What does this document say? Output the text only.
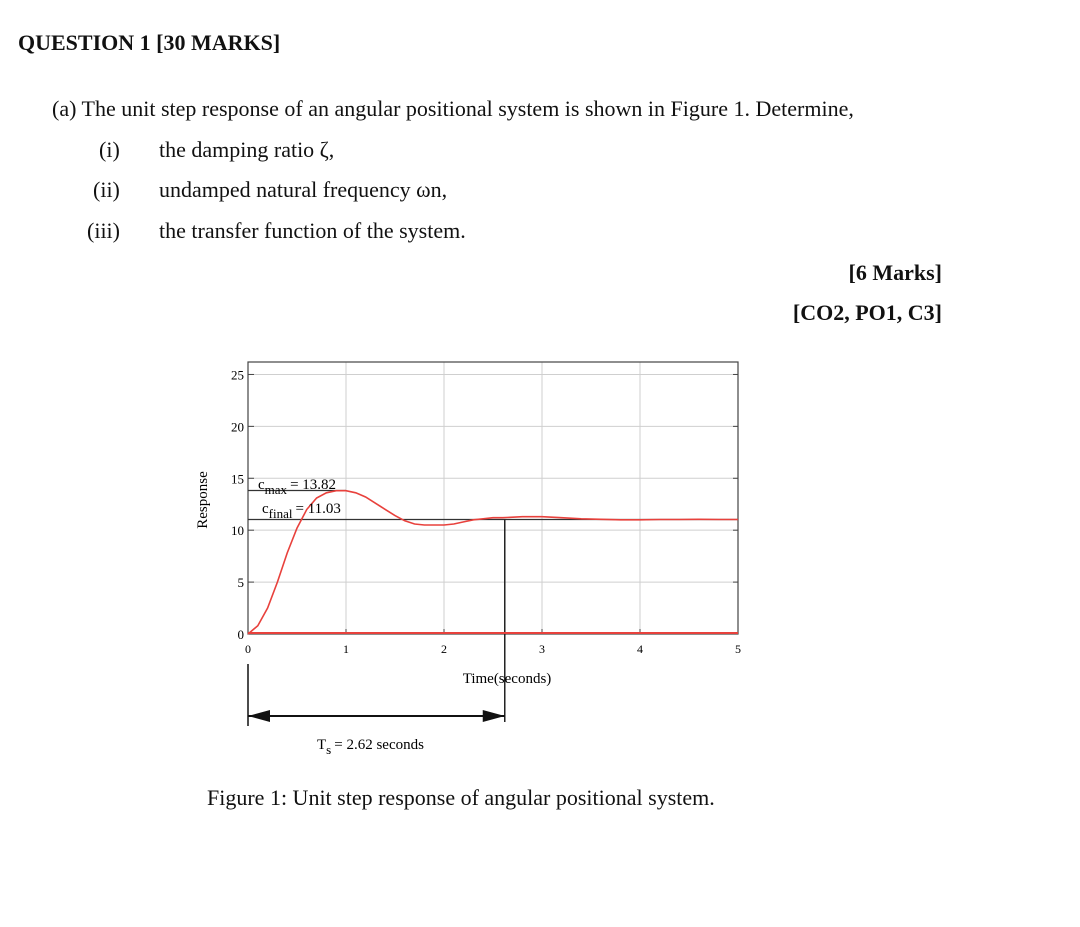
QUESTION 1 [30 MARKS]
(a) The unit step response of an angular positional system is shown in Figure 1. Determine,
(i) the damping ratio ζ,
(ii) undamped natural frequency ωn,
(iii) the transfer function of the system.
[6 Marks]
[CO2, PO1, C3]
0	1	2	3	4	5
0
5
10
15
20
25
Response
Time(seconds)
cmax = 13.82
cfinal = 11.03
Ts = 2.62 seconds
Figure 1: Unit step response of angular positional system.
